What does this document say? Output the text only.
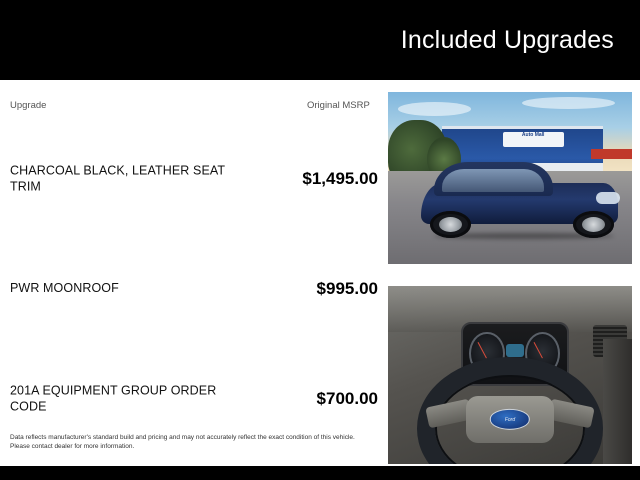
Included Upgrades
Upgrade	Original MSRP
CHARCOAL BLACK, LEATHER SEAT TRIM	$1,495.00
PWR MOONROOF	$995.00
201A EQUIPMENT GROUP ORDER CODE	$700.00
Data reflects manufacturer's standard build and pricing and may not accurately reflect the exact condition of this vehicle. Please contact dealer for more information.
Auto Mall
Ford
